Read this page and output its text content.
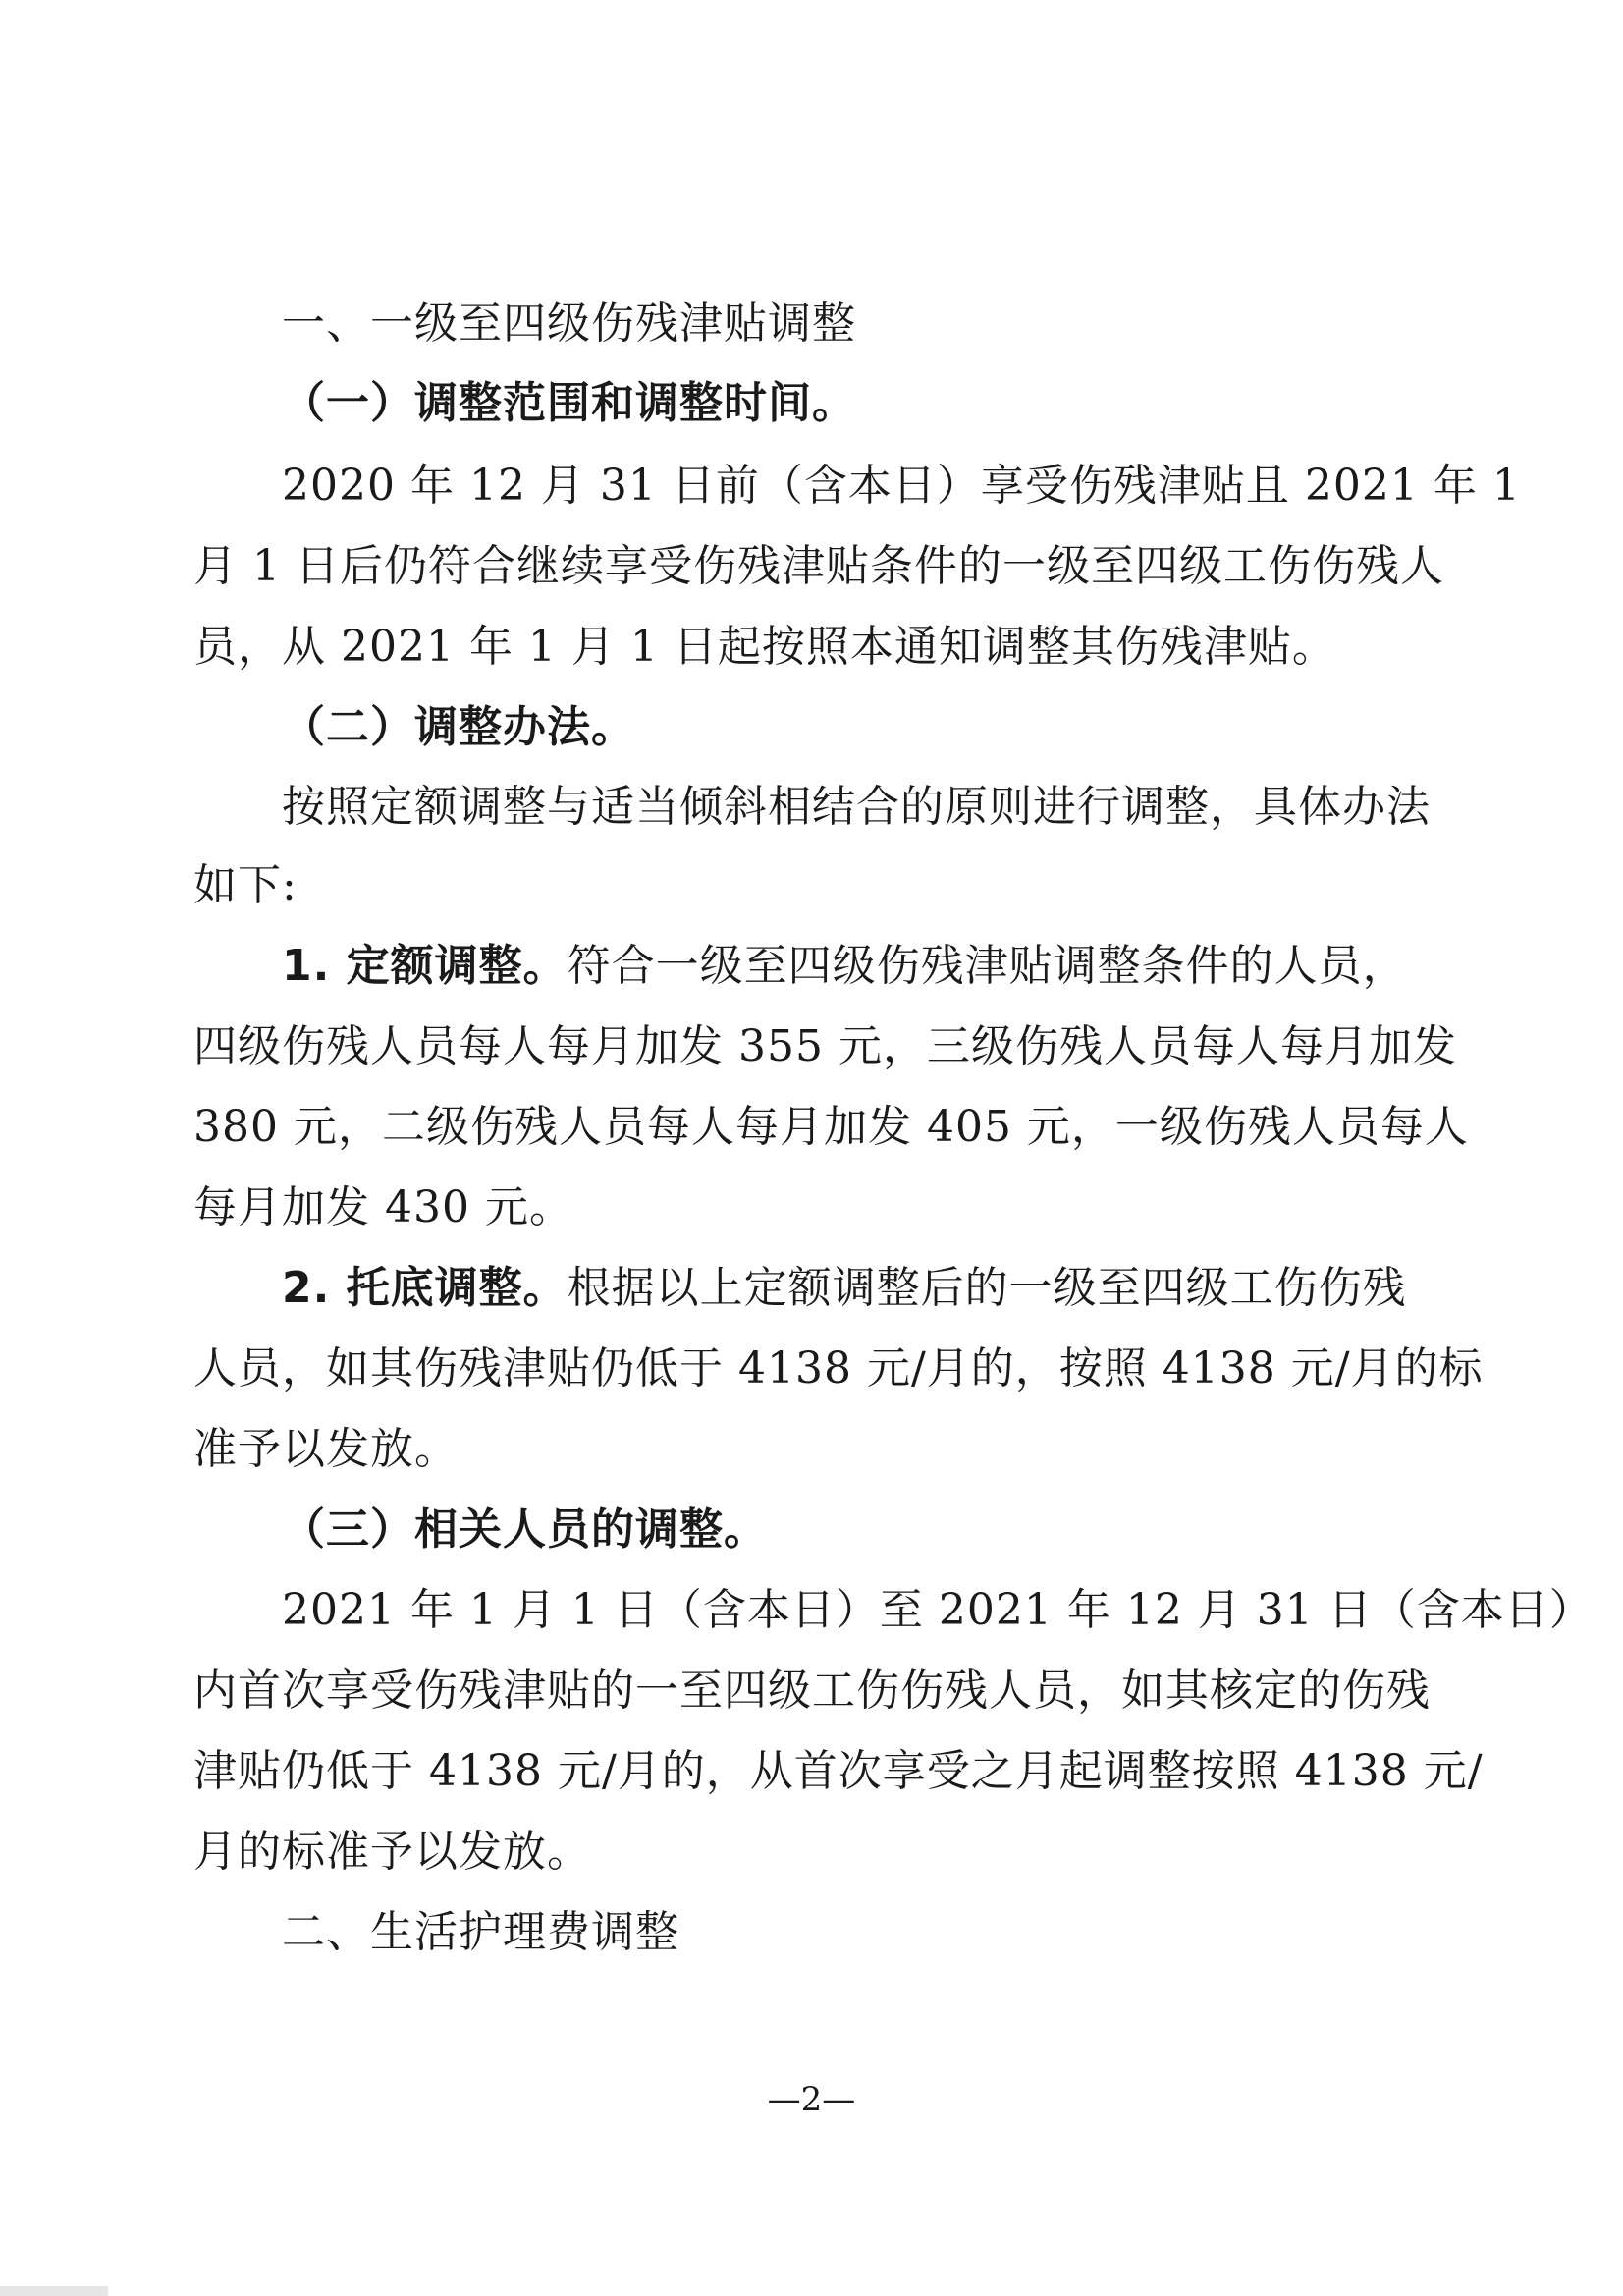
一、一级至四级伤残津贴调整
（一）调整范围和调整时间。
2020 年 12 月 31 日前（含本日）享受伤残津贴且 2021 年 1
月 1 日后仍符合继续享受伤残津贴条件的一级至四级工伤伤残人
员，从 2021 年 1 月 1 日起按照本通知调整其伤残津贴。
（二）调整办法。
按照定额调整与适当倾斜相结合的原则进行调整，具体办法
如下:
1. 定额调整。 符合一级至四级伤残津贴调整条件的人员，
四级伤残人员每人每月加发 355 元，三级伤残人员每人每月加发
380 元，二级伤残人员每人每月加发 405 元，一级伤残人员每人
每月加发 430 元。
2. 托底调整。 根据以上定额调整后的一级至四级工伤伤残
人员，如其伤残津贴仍低于 4138 元/月的，按照 4138 元/月的标
准予以发放。
（三）相关人员的调整。
2021 年 1 月 1 日（含本日）至 2021 年 12 月 31 日（含本日）
内首次享受伤残津贴的一至四级工伤伤残人员，如其核定的伤残
津贴仍低于 4138 元/月的，从首次享受之月起调整按照 4138 元/
月的标准予以发放。
二、生活护理费调整
—2—
